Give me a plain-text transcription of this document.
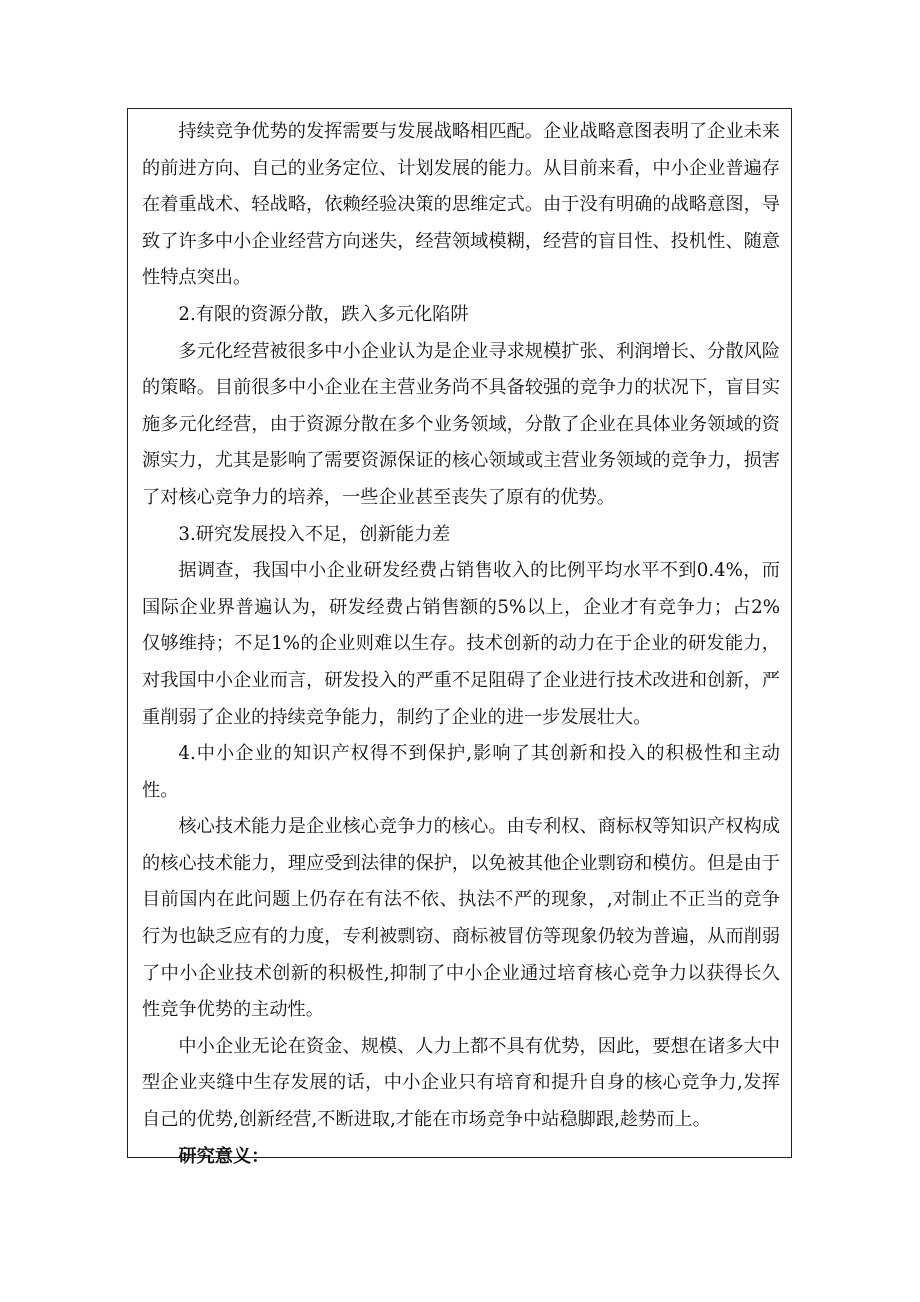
持续竞争优势的发挥需要与发展战略相匹配。企业战略意图表明了企业未来的前进方向、自己的业务定位、计划发展的能力。从目前来看，中小企业普遍存在着重战术、轻战略，依赖经验决策的思维定式。由于没有明确的战略意图，导致了许多中小企业经营方向迷失，经营领域模糊，经营的盲目性、投机性、随意性特点突出。

2.有限的资源分散，跌入多元化陷阱

多元化经营被很多中小企业认为是企业寻求规模扩张、利润增长、分散风险的策略。目前很多中小企业在主营业务尚不具备较强的竞争力的状况下，盲目实施多元化经营，由于资源分散在多个业务领域，分散了企业在具体业务领域的资源实力，尤其是影响了需要资源保证的核心领域或主营业务领域的竞争力，损害了对核心竞争力的培养，一些企业甚至丧失了原有的优势。

3.研究发展投入不足，创新能力差

据调查，我国中小企业研发经费占销售收入的比例平均水平不到0.4%，而国际企业界普遍认为，研发经费占销售额的5%以上，企业才有竞争力；占2%仅够维持；不足1%的企业则难以生存。技术创新的动力在于企业的研发能力，对我国中小企业而言，研发投入的严重不足阻碍了企业进行技术改进和创新，严重削弱了企业的持续竞争能力，制约了企业的进一步发展壮大。

4.中小企业的知识产权得不到保护,影响了其创新和投入的积极性和主动性。

核心技术能力是企业核心竞争力的核心。由专利权、商标权等知识产权构成的核心技术能力，理应受到法律的保护，以免被其他企业剽窃和模仿。但是由于目前国内在此问题上仍存在有法不依、执法不严的现象，,对制止不正当的竞争行为也缺乏应有的力度，专利被剽窃、商标被冒仿等现象仍较为普遍，从而削弱了中小企业技术创新的积极性,抑制了中小企业通过培育核心竞争力以获得长久性竞争优势的主动性。

中小企业无论在资金、规模、人力上都不具有优势，因此，要想在诸多大中型企业夹缝中生存发展的话，中小企业只有培育和提升自身的核心竞争力,发挥自己的优势,创新经营,不断进取,才能在市场竞争中站稳脚跟,趁势而上。

研究意义：
